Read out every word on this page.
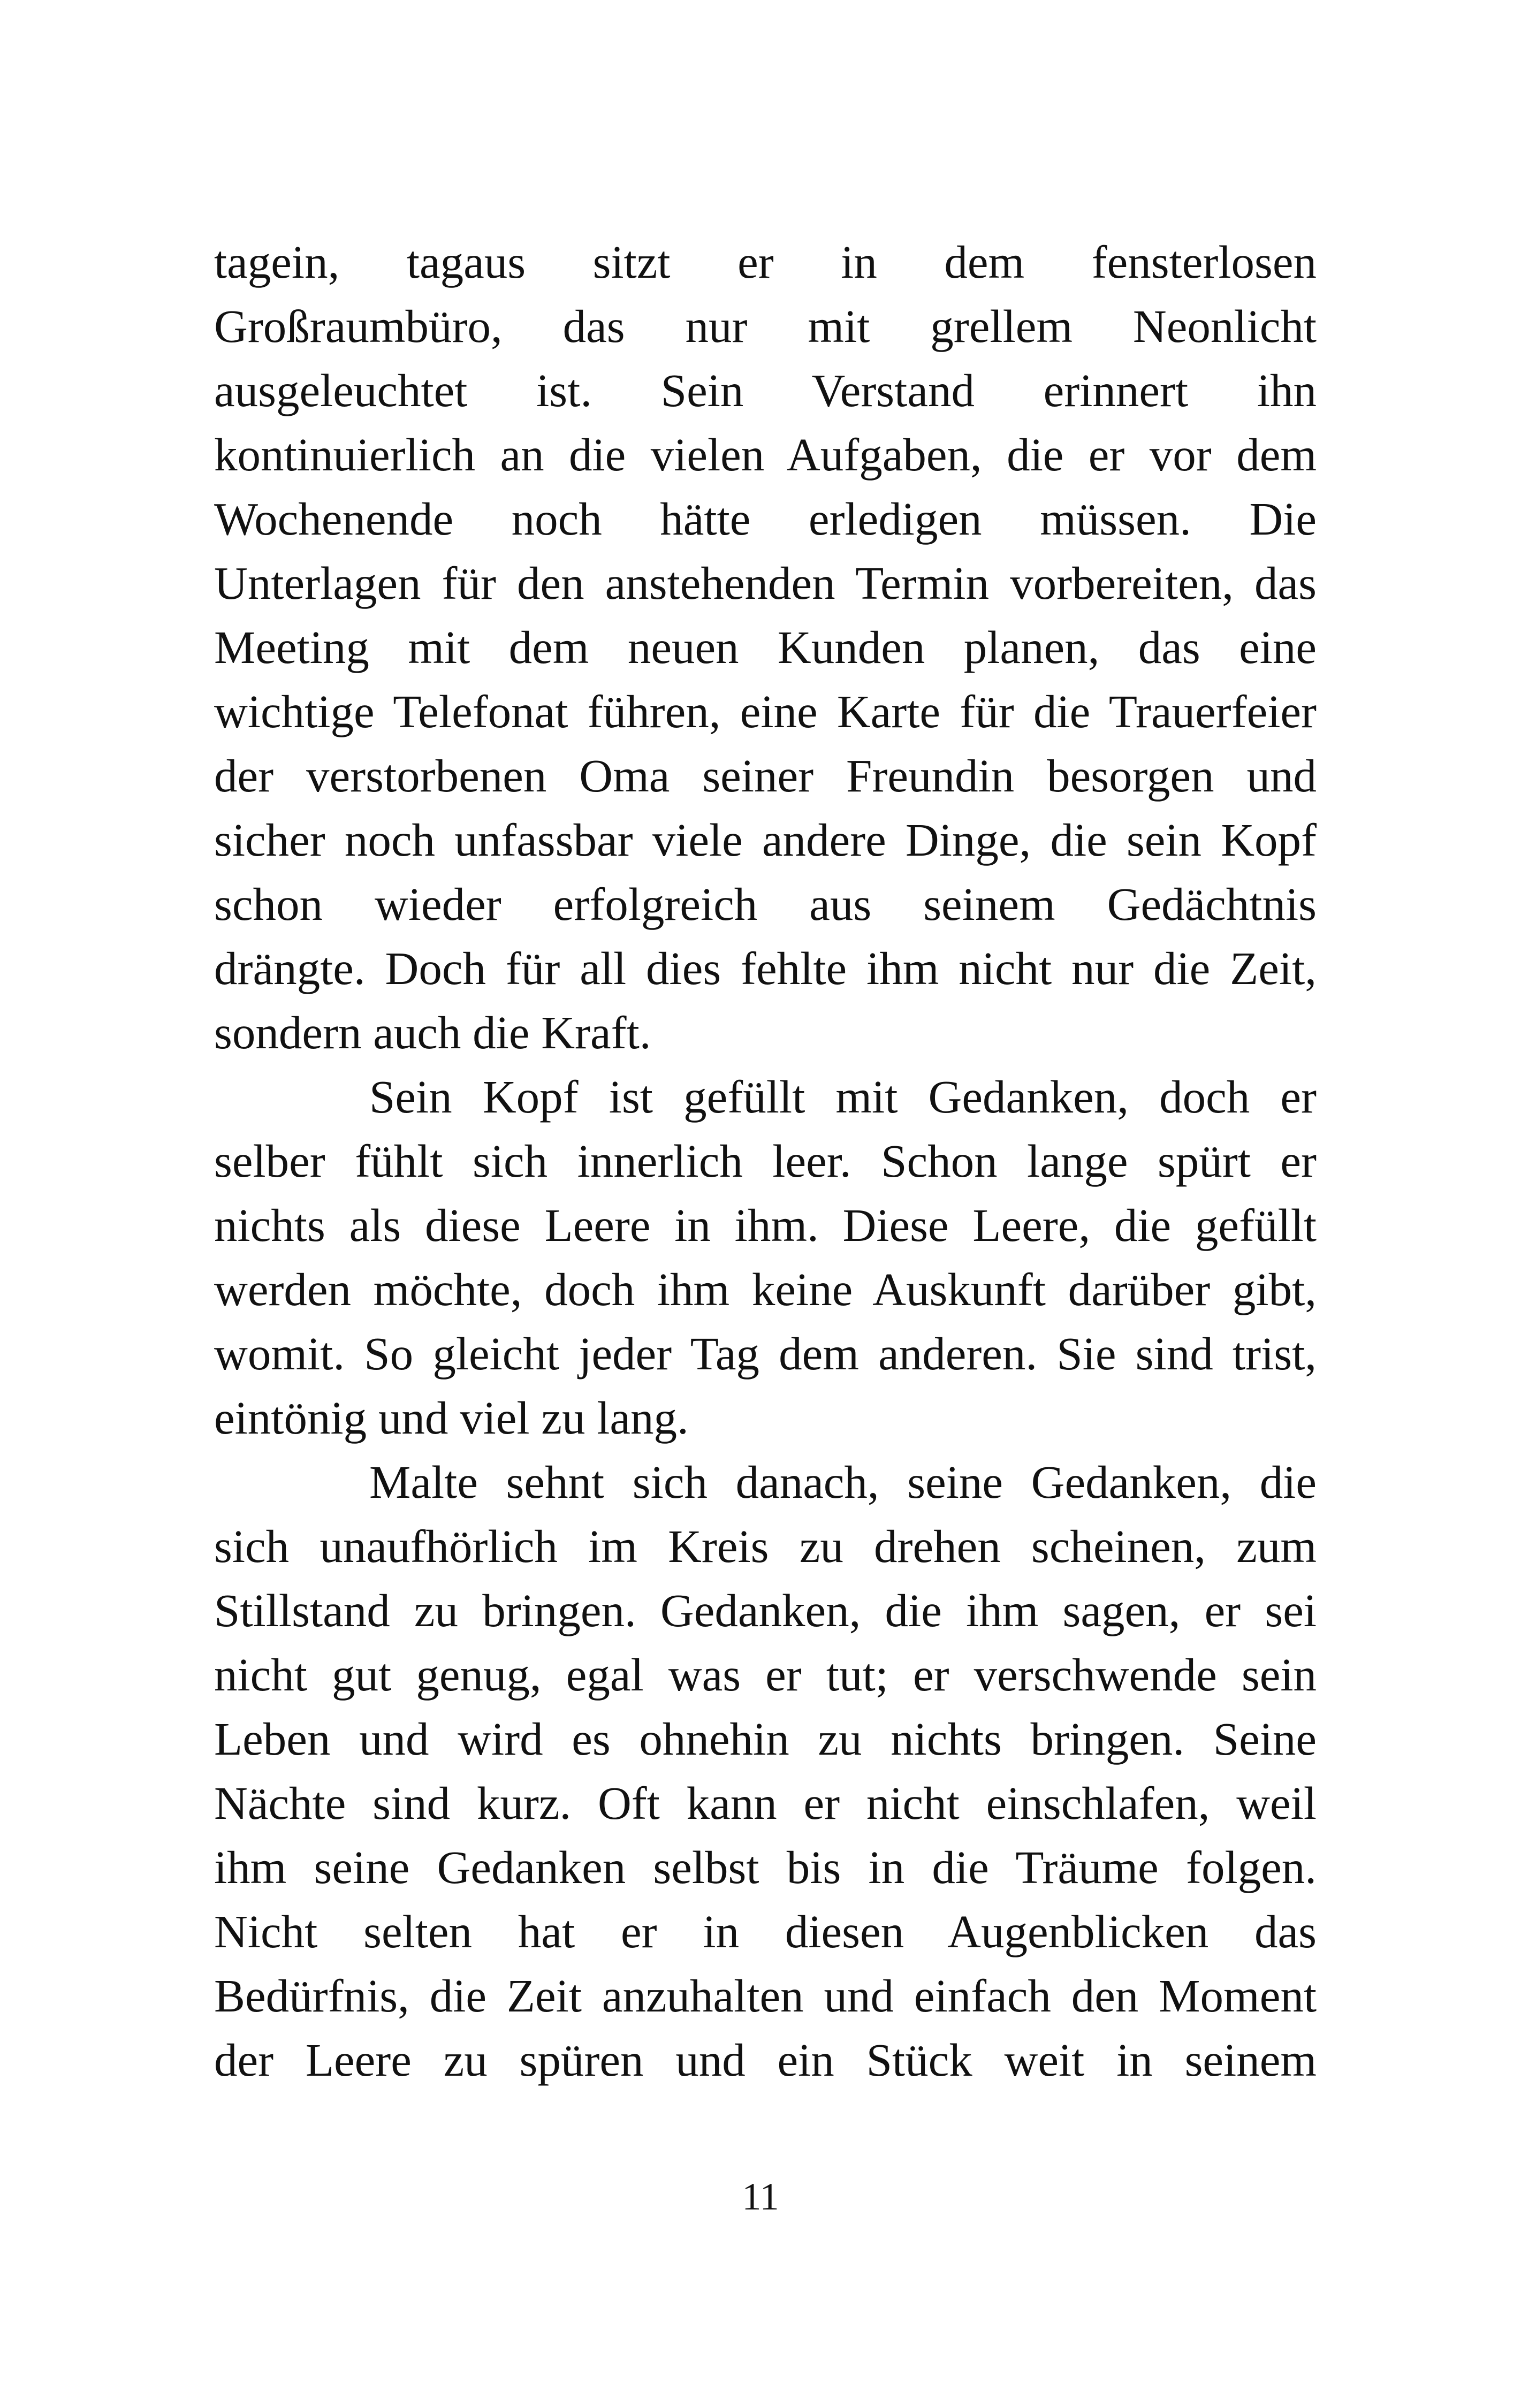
tagein, tagaus sitzt er in dem fensterlosen
Großraumbüro, das nur mit grellem Neonlicht
ausgeleuchtet ist. Sein Verstand erinnert ihn
kontinuierlich an die vielen Aufgaben, die er vor dem
Wochenende noch hätte erledigen müssen. Die
Unterlagen für den anstehenden Termin vorbereiten, das
Meeting mit dem neuen Kunden planen, das eine
wichtige Telefonat führen, eine Karte für die Trauerfeier
der verstorbenen Oma seiner Freundin besorgen und
sicher noch unfassbar viele andere Dinge, die sein Kopf
schon wieder erfolgreich aus seinem Gedächtnis
drängte. Doch für all dies fehlte ihm nicht nur die Zeit,
sondern auch die Kraft.
Sein Kopf ist gefüllt mit Gedanken, doch er
selber fühlt sich innerlich leer. Schon lange spürt er
nichts als diese Leere in ihm. Diese Leere, die gefüllt
werden möchte, doch ihm keine Auskunft darüber gibt,
womit. So gleicht jeder Tag dem anderen. Sie sind trist,
eintönig und viel zu lang.
Malte sehnt sich danach, seine Gedanken, die
sich unaufhörlich im Kreis zu drehen scheinen, zum
Stillstand zu bringen. Gedanken, die ihm sagen, er sei
nicht gut genug, egal was er tut; er verschwende sein
Leben und wird es ohnehin zu nichts bringen. Seine
Nächte sind kurz. Oft kann er nicht einschlafen, weil
ihm seine Gedanken selbst bis in die Träume folgen.
Nicht selten hat er in diesen Augenblicken das
Bedürfnis, die Zeit anzuhalten und einfach den Moment
der Leere zu spüren und ein Stück weit in seinem
11
